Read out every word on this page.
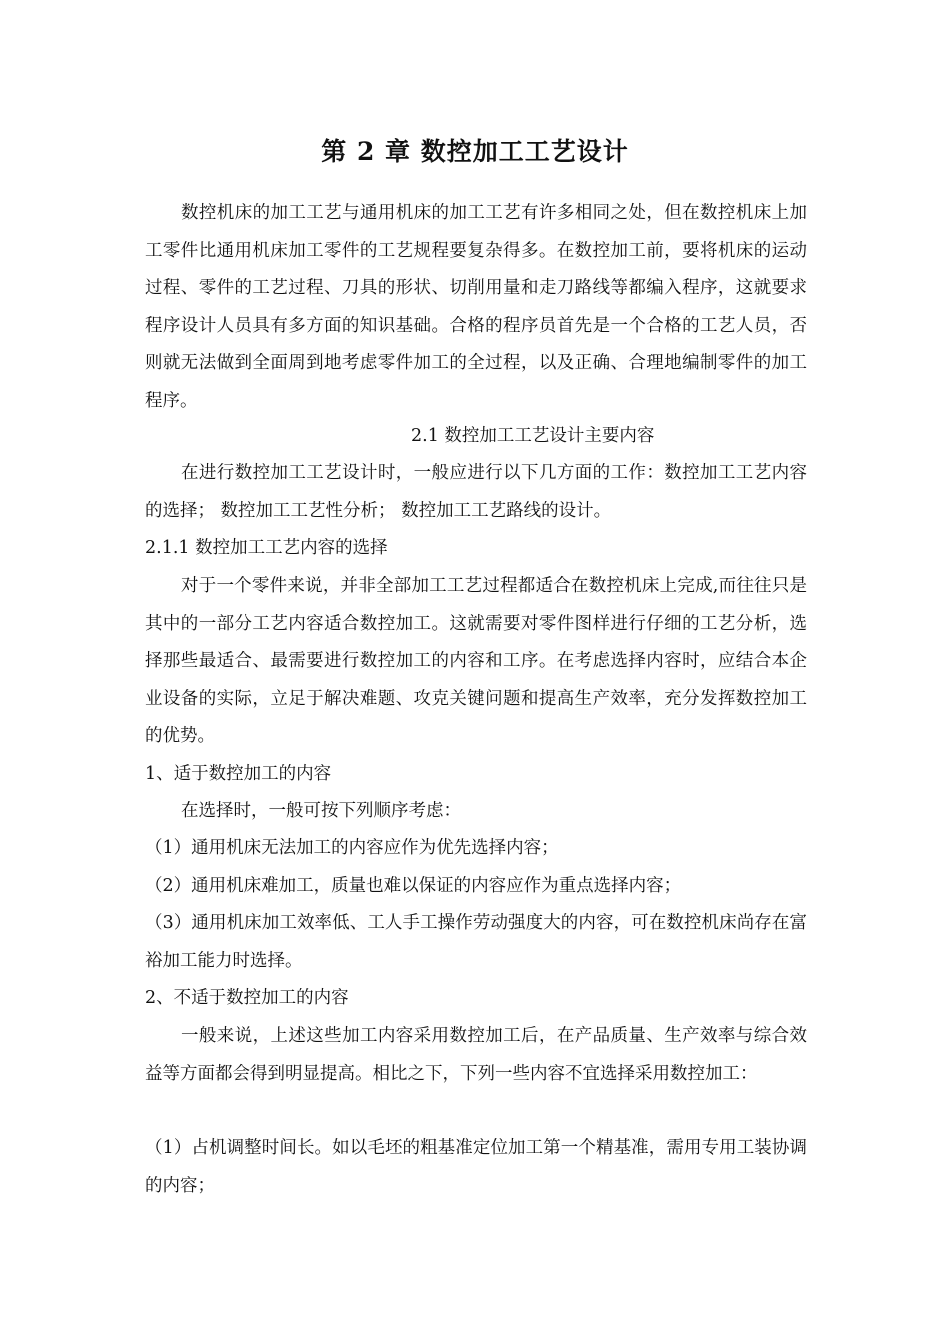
第 2 章 数控加工工艺设计
数控机床的加工工艺与通用机床的加工工艺有许多相同之处，但在数控机床上加工零件比通用机床加工零件的工艺规程要复杂得多。在数控加工前，要将机床的运动过程、零件的工艺过程、刀具的形状、切削用量和走刀路线等都编入程序，这就要求程序设计人员具有多方面的知识基础。合格的程序员首先是一个合格的工艺人员，否则就无法做到全面周到地考虑零件加工的全过程，以及正确、合理地编制零件的加工程序。
2.1 数控加工工艺设计主要内容
在进行数控加工工艺设计时，一般应进行以下几方面的工作：数控加工工艺内容的选择； 数控加工工艺性分析； 数控加工工艺路线的设计。
2.1.1 数控加工工艺内容的选择
对于一个零件来说，并非全部加工工艺过程都适合在数控机床上完成,而往往只是其中的一部分工艺内容适合数控加工。这就需要对零件图样进行仔细的工艺分析，选择那些最适合、最需要进行数控加工的内容和工序。在考虑选择内容时，应结合本企业设备的实际，立足于解决难题、攻克关键问题和提高生产效率，充分发挥数控加工的优势。
1、适于数控加工的内容
在选择时，一般可按下列顺序考虑：
（1）通用机床无法加工的内容应作为优先选择内容；
（2）通用机床难加工，质量也难以保证的内容应作为重点选择内容；
（3）通用机床加工效率低、工人手工操作劳动强度大的内容，可在数控机床尚存在富裕加工能力时选择。
2、不适于数控加工的内容
一般来说，上述这些加工内容采用数控加工后，在产品质量、生产效率与综合效益等方面都会得到明显提高。相比之下，下列一些内容不宜选择采用数控加工：
（1）占机调整时间长。如以毛坯的粗基准定位加工第一个精基准，需用专用工装协调的内容；
